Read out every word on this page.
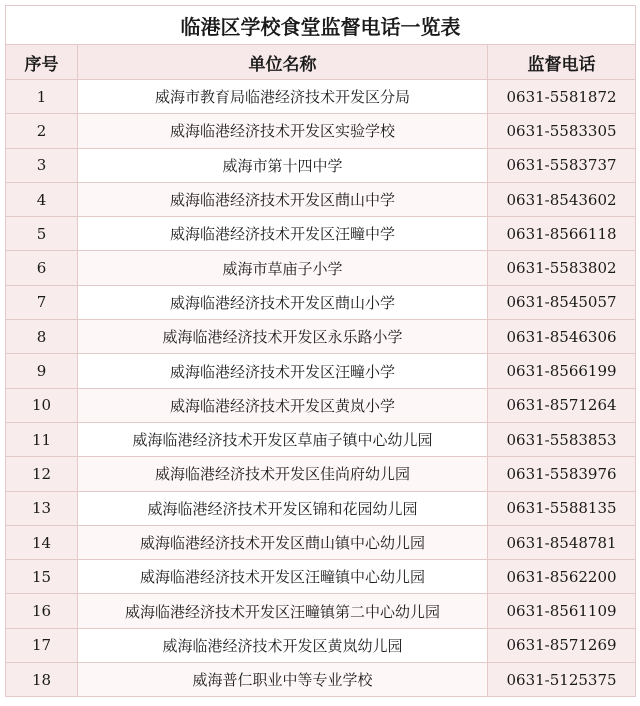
临港区学校食堂监督电话一览表		
序号	单位名称	监督电话
1	威海市教育局临港经济技术开发区分局	0631-5581872
2	威海临港经济技术开发区实验学校	0631-5583305
3	威海市第十四中学	0631-5583737
4	威海临港经济技术开发区蔄山中学	0631-8543602
5	威海临港经济技术开发区汪疃中学	0631-8566118
6	威海市草庙子小学	0631-5583802
7	威海临港经济技术开发区蔄山小学	0631-8545057
8	威海临港经济技术开发区永乐路小学	0631-8546306
9	威海临港经济技术开发区汪疃小学	0631-8566199
10	威海临港经济技术开发区黄岚小学	0631-8571264
11	威海临港经济技术开发区草庙子镇中心幼儿园	0631-5583853
12	威海临港经济技术开发区佳尚府幼儿园	0631-5583976
13	威海临港经济技术开发区锦和花园幼儿园	0631-5588135
14	威海临港经济技术开发区蔄山镇中心幼儿园	0631-8548781
15	威海临港经济技术开发区汪疃镇中心幼儿园	0631-8562200
16	威海临港经济技术开发区汪疃镇第二中心幼儿园	0631-8561109
17	威海临港经济技术开发区黄岚幼儿园	0631-8571269
18	威海普仁职业中等专业学校	0631-5125375
